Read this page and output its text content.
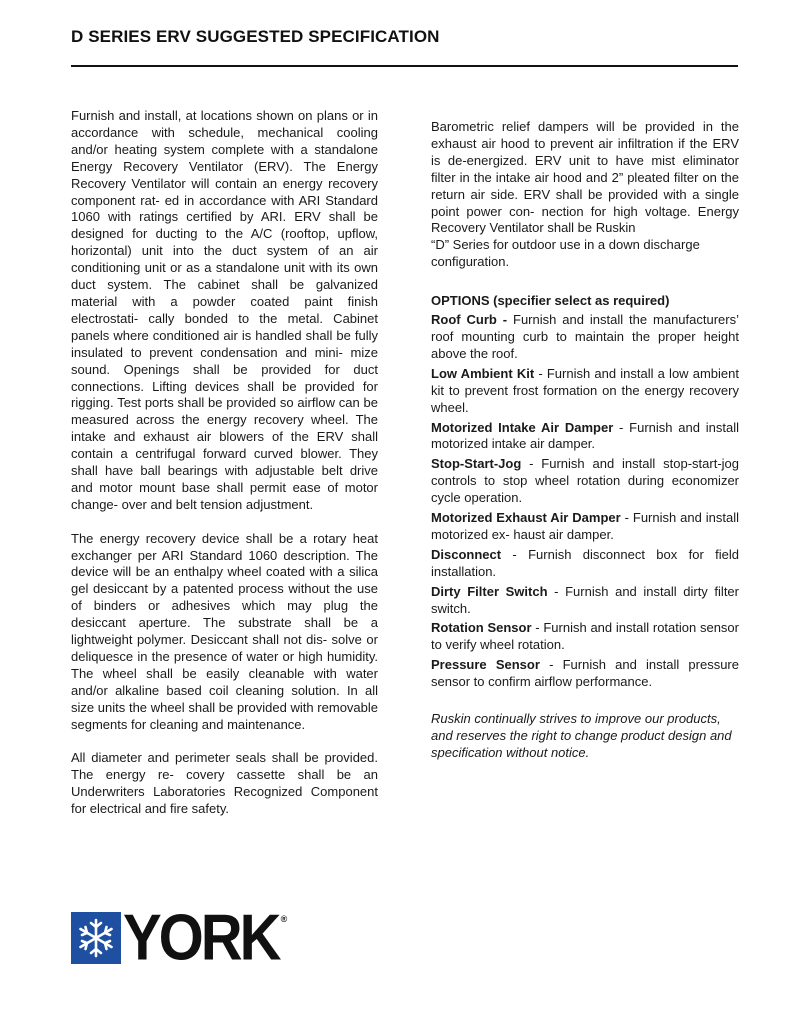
D SERIES ERV SUGGESTED SPECIFICATION

Furnish and install, at locations shown on plans or in accordance with schedule, mechanical cooling and/or heating system complete with a standalone Energy Recovery Ventilator (ERV). The Energy Recovery Ventilator will contain an energy recovery component rat- ed in accordance with ARI Standard 1060 with ratings certified by ARI. ERV shall be designed for ducting to the A/C (rooftop, upflow, horizontal) unit into the duct system of an air conditioning unit or as a standalone unit with its own duct system. The cabinet shall be galvanized material with a powder coated paint finish electrostati- cally bonded to the metal. Cabinet panels where conditioned air is handled shall be fully insulated to prevent condensation and mini- mize sound. Openings shall be provided for duct connections. Lifting devices shall be provided for rigging. Test ports shall be provided so airflow can be measured across the energy recovery wheel. The intake and exhaust air blowers of the ERV shall contain a centrifugal forward curved blower. They shall have ball bearings with adjustable belt drive and motor mount base shall permit ease of motor change- over and belt tension adjustment.

The energy recovery device shall be a rotary heat exchanger per ARI Standard 1060 description. The device will be an enthalpy wheel coated with a silica gel desiccant by a patented process without the use of binders or adhesives which may plug the desiccant aperture. The substrate shall be a lightweight polymer. Desiccant shall not dis- solve or deliquesce in the presence of water or high humidity. The wheel shall be easily cleanable with water and/or alkaline based coil cleaning solution. In all size units the wheel shall be provided with removable segments for cleaning and maintenance.

All diameter and perimeter seals shall be provided. The energy re- covery cassette shall be an Underwriters Laboratories Recognized Component for electrical and fire safety.

Barometric relief dampers will be provided in the exhaust air hood to prevent air infiltration if the ERV is de-energized. ERV unit to have mist eliminator filter in the intake air hood and 2” pleated filter on the return air side. ERV shall be provided with a single point power con- nection for high voltage. Energy Recovery Ventilator shall be Ruskin

“D” Series for outdoor use in a down discharge configuration.

OPTIONS (specifier select as required)

Roof Curb - Furnish and install the manufacturers’ roof mounting curb to maintain the proper height above the roof.

Low Ambient Kit - Furnish and install a low ambient kit to prevent frost formation on the energy recovery wheel.

Motorized Intake Air Damper - Furnish and install motorized intake air damper.

Stop-Start-Jog - Furnish and install stop-start-jog controls to stop wheel rotation during economizer cycle operation.

Motorized Exhaust Air Damper - Furnish and install motorized ex- haust air damper.

Disconnect - Furnish disconnect box for field installation.

Dirty Filter Switch - Furnish and install dirty filter switch.

Rotation Sensor - Furnish and install rotation sensor to verify wheel rotation.

Pressure Sensor - Furnish and install pressure sensor to confirm airflow performance.

Ruskin continually strives to improve our products, and reserves the right to change product design and specification without notice.

YORK ®
